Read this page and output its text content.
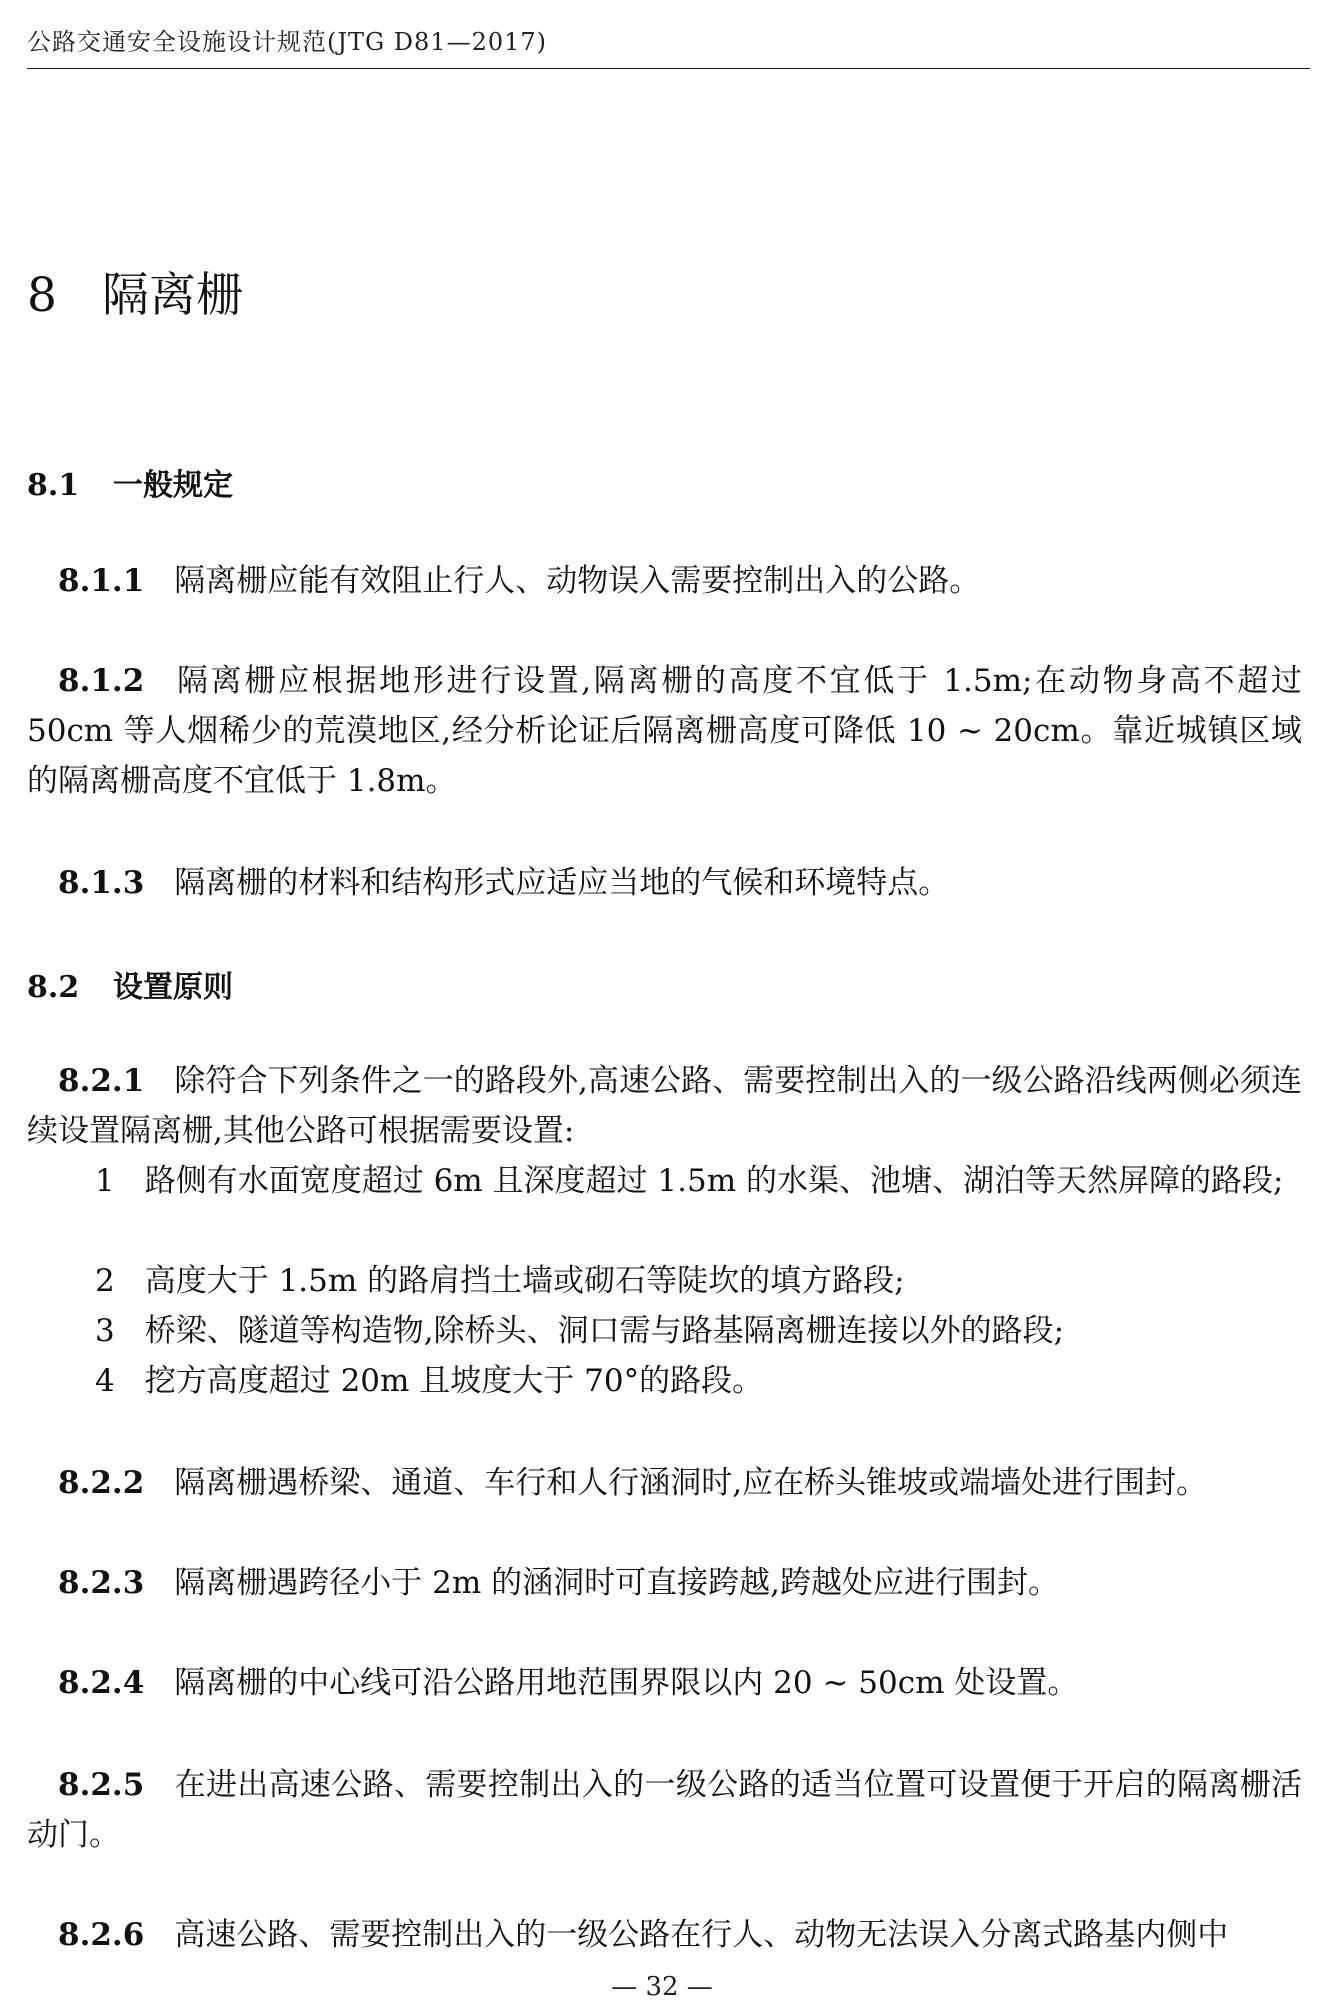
公路交通安全设施设计规范(JTG D81—2017)
8 隔离栅
8.1 一般规定
8.1.1 隔离栅应能有效阻止行人、动物误入需要控制出入的公路。
8.1.2 隔离栅应根据地形进行设置,隔离栅的高度不宜低于 1.5m;在动物身高不超过 50cm 等人烟稀少的荒漠地区,经分析论证后隔离栅高度可降低 10 ~ 20cm。靠近城镇区域的隔离栅高度不宜低于 1.8m。
8.1.3 隔离栅的材料和结构形式应适应当地的气候和环境特点。
8.2 设置原则
8.2.1 除符合下列条件之一的路段外,高速公路、需要控制出入的一级公路沿线两侧必须连续设置隔离栅,其他公路可根据需要设置:
1 路侧有水面宽度超过 6m 且深度超过 1.5m 的水渠、池塘、湖泊等天然屏障的路段;
2 高度大于 1.5m 的路肩挡土墙或砌石等陡坎的填方路段;
3 桥梁、隧道等构造物,除桥头、洞口需与路基隔离栅连接以外的路段;
4 挖方高度超过 20m 且坡度大于 70°的路段。
8.2.2 隔离栅遇桥梁、通道、车行和人行涵洞时,应在桥头锥坡或端墙处进行围封。
8.2.3 隔离栅遇跨径小于 2m 的涵洞时可直接跨越,跨越处应进行围封。
8.2.4 隔离栅的中心线可沿公路用地范围界限以内 20 ~ 50cm 处设置。
8.2.5 在进出高速公路、需要控制出入的一级公路的适当位置可设置便于开启的隔离栅活动门。
8.2.6 高速公路、需要控制出入的一级公路在行人、动物无法误入分离式路基内侧中
— 32 —
